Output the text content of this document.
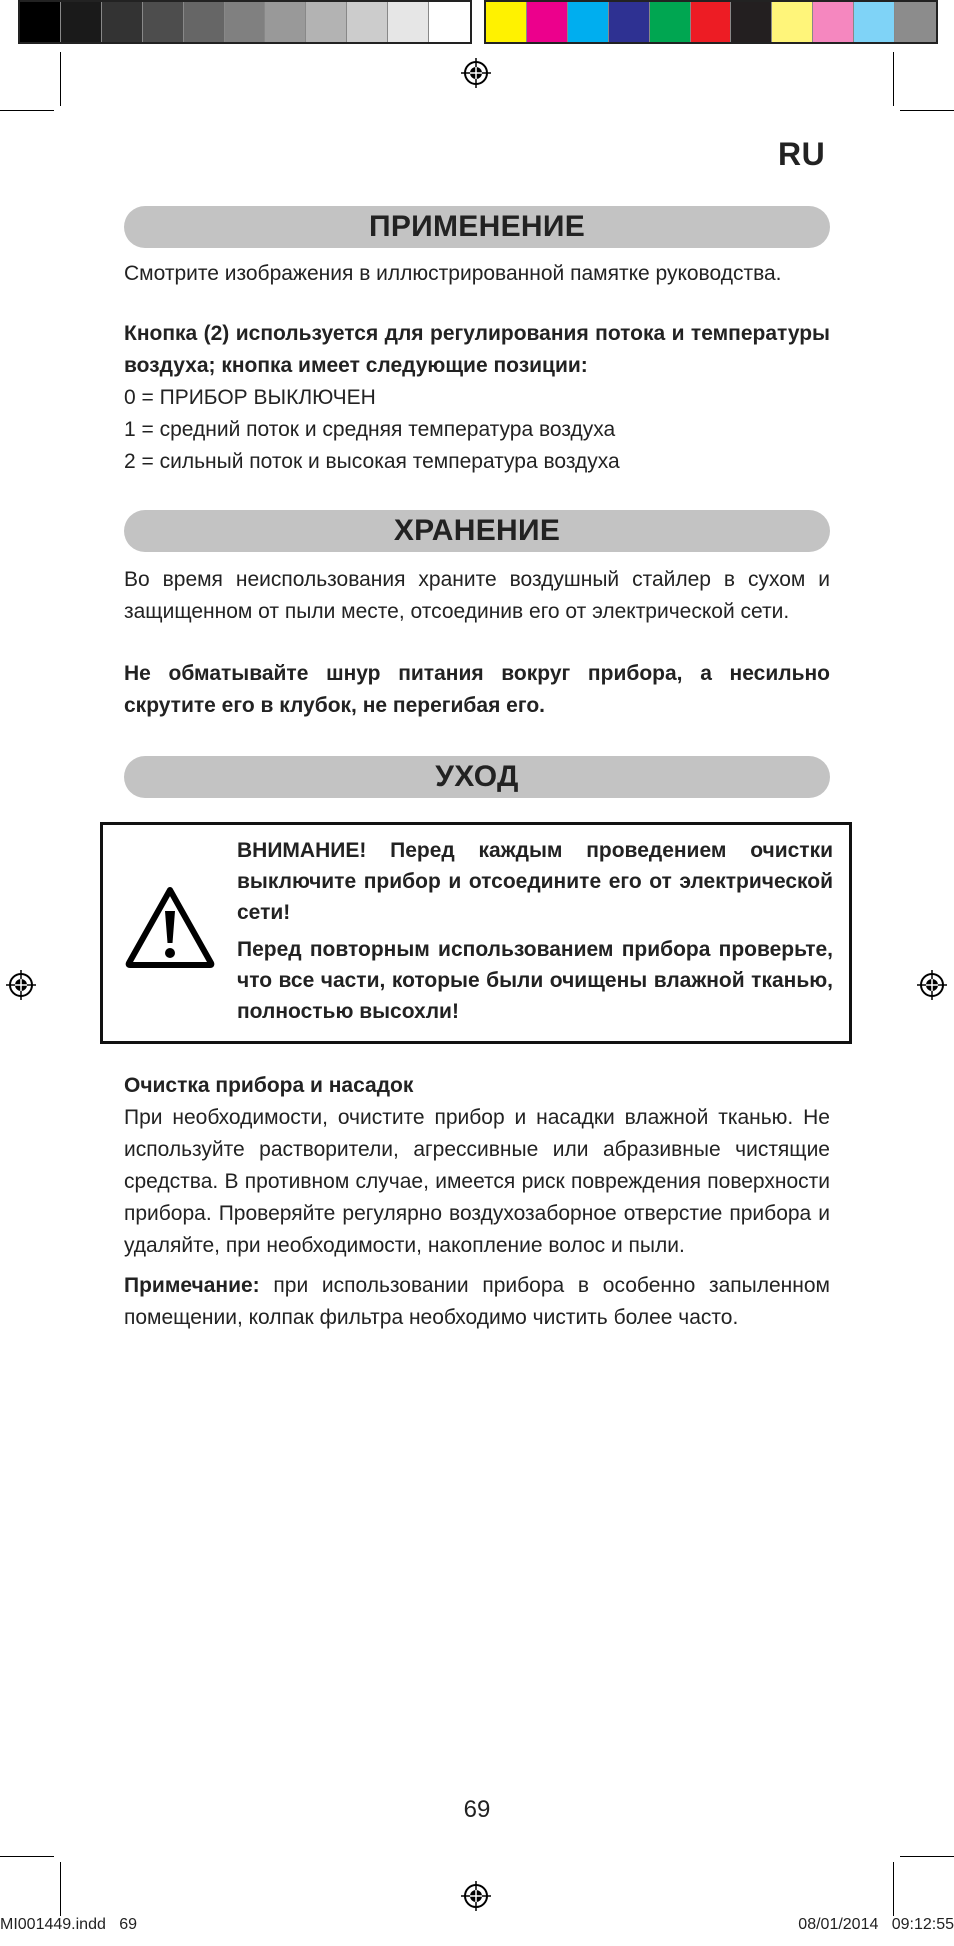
RU
ПРИМЕНЕНИЕ

Смотрите изображения в иллюстрированной памятке руководства.

Кнопка (2) используется для регулирования потока и температуры воздуха; кнопка имеет следующие позиции:

0 = ПРИБОР ВЫКЛЮЧЕН

1 = средний поток и средняя температура воздуха

2 = сильный поток и высокая температура воздуха

ХРАНЕНИЕ

Во время неиспользования храните воздушный стайлер в сухом и защищенном от пыли месте, отсоединив его от электрической сети.

Не обматывайте шнур питания вокруг прибора, а несильно скрутите его в клубок, не перегибая его.

УХОД

ВНИМАНИЕ! Перед каждым проведением очистки выключите прибор и отсоедините его от электрической сети!

Перед повторным использованием прибора проверьте, что все части, которые были очищены влажной тканью, полностью высохли!

Очистка прибора и насадок

При необходимости, очистите прибор и насадки влажной тканью. Не используйте растворители, агрессивные или абразивные чистящие средства. В противном случае, имеется риск повреждения поверхности прибора. Проверяйте регулярно воздухозаборное отверстие прибора и удаляйте, при необходимости, накопление волос и пыли.

Примечание: при использовании прибора в особенно запыленном помещении, колпак фильтра необходимо чистить более часто.

69
MI001449.indd   69	08/01/2014   09:12:55
